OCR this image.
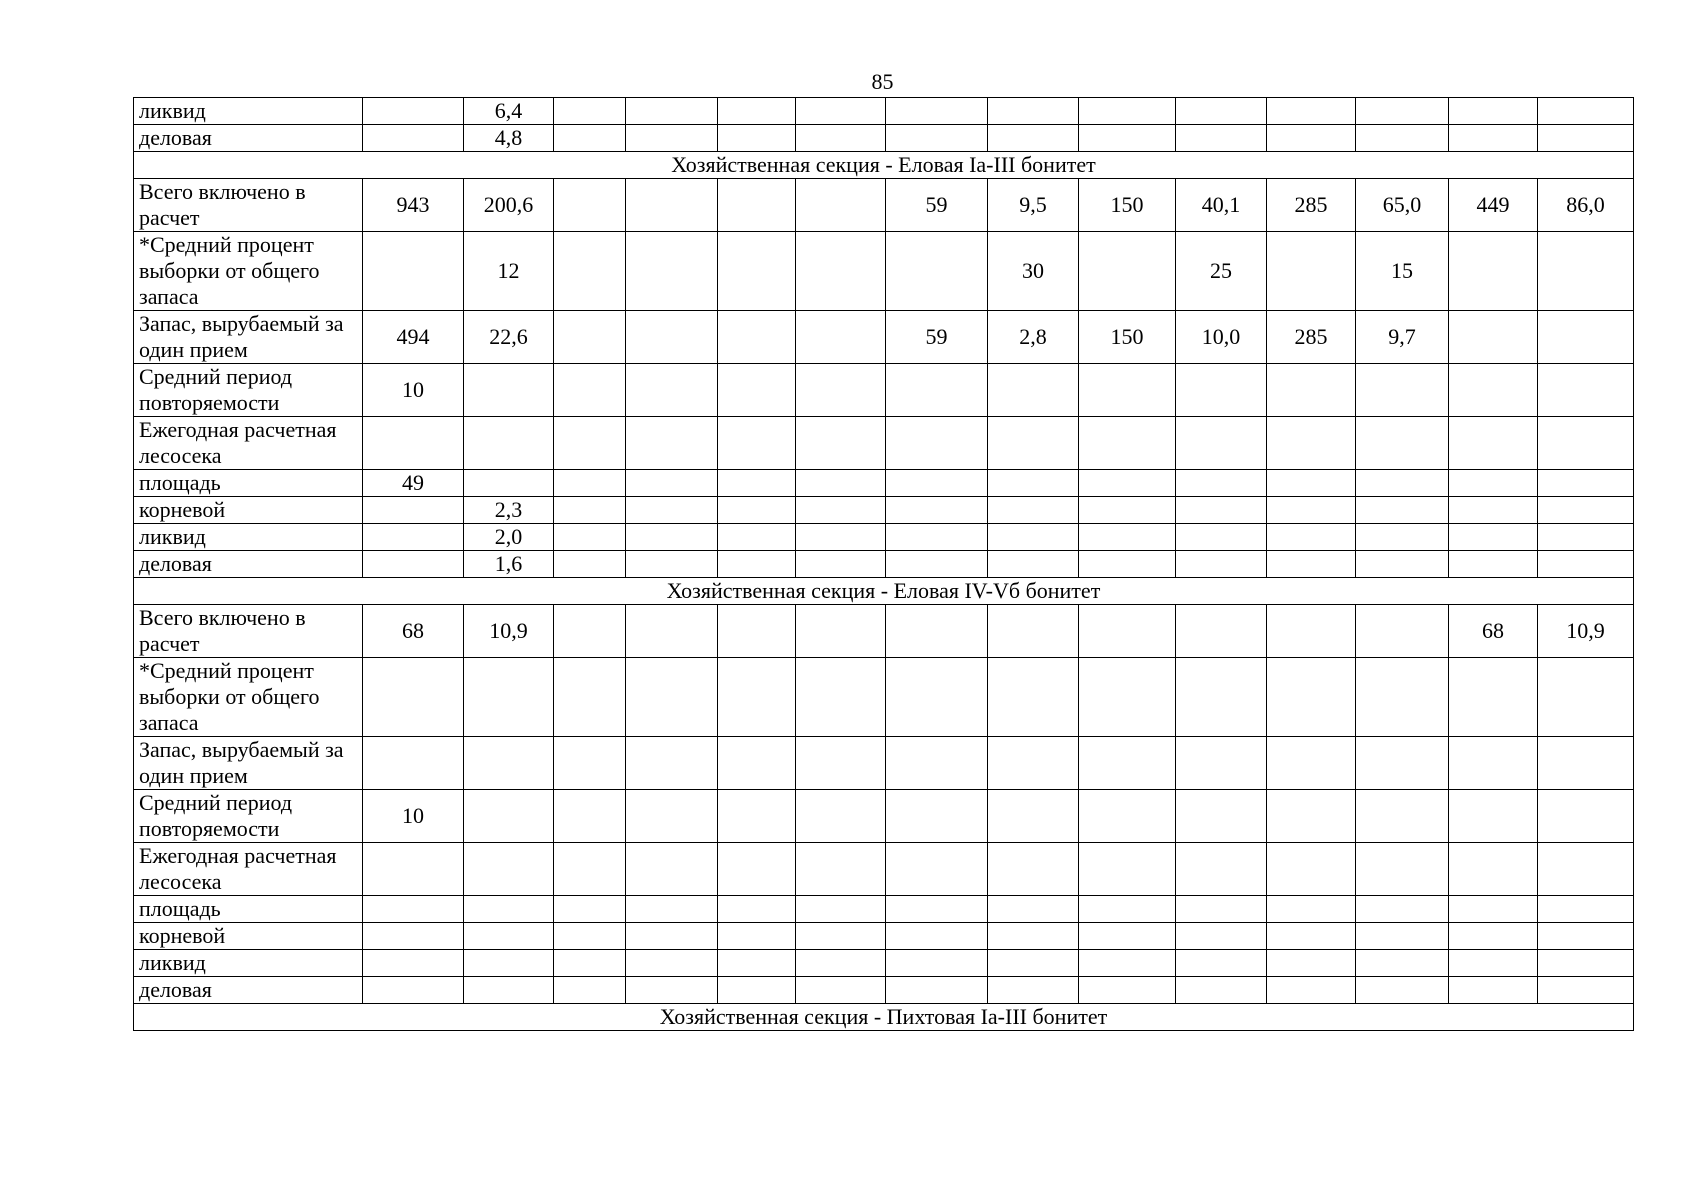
85
ликвид		6,4												
деловая		4,8												
Хозяйственная секция - Еловая Ia-III бонитет														
Всего включено в расчет	943	200,6					59	9,5	150	40,1	285	65,0	449	86,0
*Средний процент выборки от общего запаса		12						30		25		15		
Запас, вырубаемый за один прием	494	22,6					59	2,8	150	10,0	285	9,7		
Средний период повторяемости	10													
Ежегодная расчетная лесосека														
площадь	49													
корневой		2,3												
ликвид		2,0												
деловая		1,6												
Хозяйственная секция - Еловая IV-Vб бонитет														
Всего включено в расчет	68	10,9											68	10,9
*Средний процент выборки от общего запаса														
Запас, вырубаемый за один прием														
Средний период повторяемости	10													
Ежегодная расчетная лесосека														
площадь														
корневой														
ликвид														
деловая														
Хозяйственная секция - Пихтовая Ia-III бонитет														
